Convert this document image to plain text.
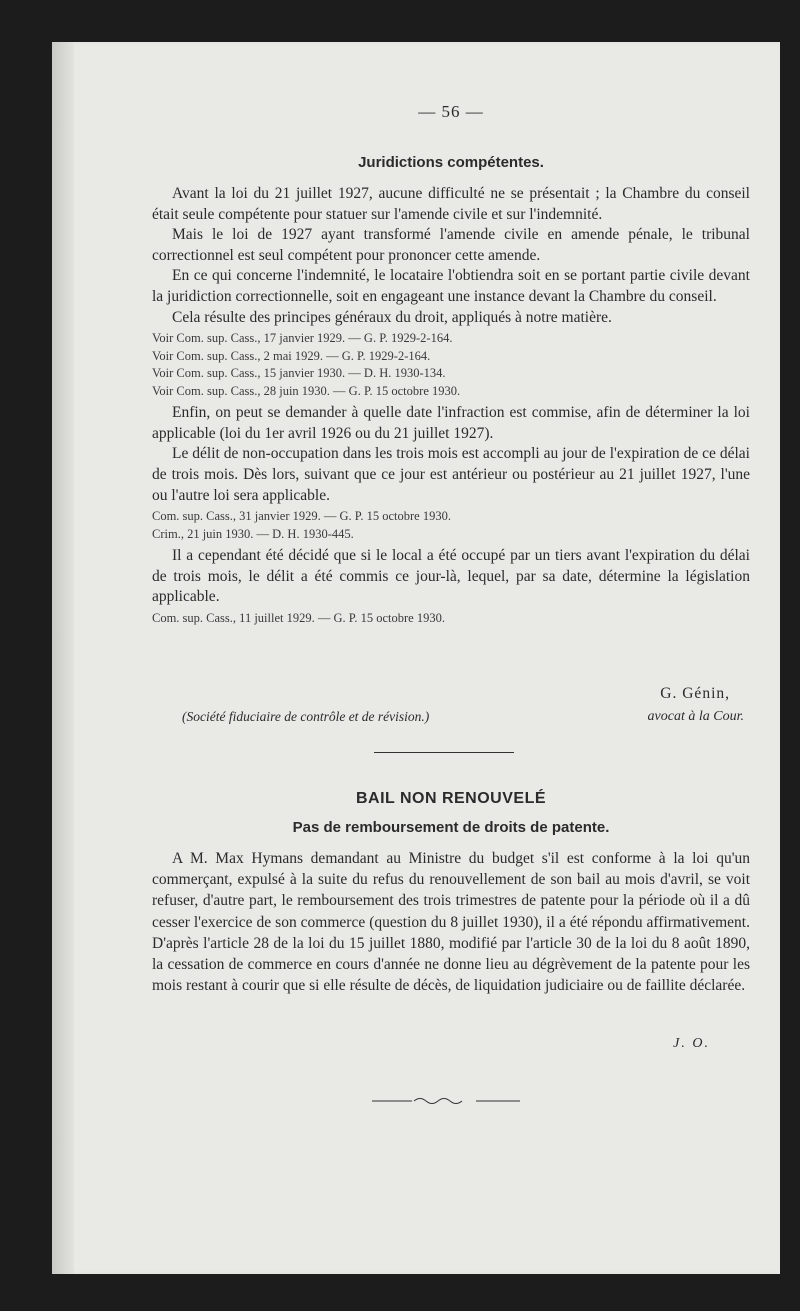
— 56 —
Juridictions compétentes.

Avant la loi du 21 juillet 1927, aucune difficulté ne se présentait ; la Chambre du conseil était seule compétente pour statuer sur l'amende civile et sur l'indemnité.

Mais le loi de 1927 ayant transformé l'amende civile en amende pénale, le tribunal correctionnel est seul compétent pour prononcer cette amende.

En ce qui concerne l'indemnité, le locataire l'obtiendra soit en se portant partie civile devant la juridiction correctionnelle, soit en engageant une instance devant la Chambre du conseil.

Cela résulte des principes généraux du droit, appliqués à notre matière.

Voir Com. sup. Cass., 17 janvier 1929. — G. P. 1929-2-164.

Voir Com. sup. Cass., 2 mai 1929. — G. P. 1929-2-164.

Voir Com. sup. Cass., 15 janvier 1930. — D. H. 1930-134.

Voir Com. sup. Cass., 28 juin 1930. — G. P. 15 octobre 1930.

Enfin, on peut se demander à quelle date l'infraction est commise, afin de déterminer la loi applicable (loi du 1er avril 1926 ou du 21 juillet 1927).

Le délit de non-occupation dans les trois mois est accompli au jour de l'expiration de ce délai de trois mois. Dès lors, suivant que ce jour est antérieur ou postérieur au 21 juillet 1927, l'une ou l'autre loi sera applicable.

Com. sup. Cass., 31 janvier 1929. — G. P. 15 octobre 1930.

Crim., 21 juin 1930. — D. H. 1930-445.

Il a cependant été décidé que si le local a été occupé par un tiers avant l'expiration du délai de trois mois, le délit a été commis ce jour-là, lequel, par sa date, détermine la législation applicable.

Com. sup. Cass., 11 juillet 1929. — G. P. 15 octobre 1930.

G. Génin,
(Société fiduciaire de contrôle et de révision.)	avocat à la Cour.
BAIL NON RENOUVELÉ
Pas de remboursement de droits de patente.

A M. Max Hymans demandant au Ministre du budget s'il est conforme à la loi qu'un commerçant, expulsé à la suite du refus du renouvellement de son bail au mois d'avril, se voit refuser, d'autre part, le remboursement des trois trimestres de patente pour la période où il a dû cesser l'exercice de son commerce (question du 8 juillet 1930), il a été répondu affirmativement. D'après l'article 28 de la loi du 15 juillet 1880, modifié par l'article 30 de la loi du 8 août 1890, la cessation de commerce en cours d'année ne donne lieu au dégrèvement de la patente pour les mois restant à courir que si elle résulte de décès, de liquidation judiciaire ou de faillite déclarée.

J. O.
